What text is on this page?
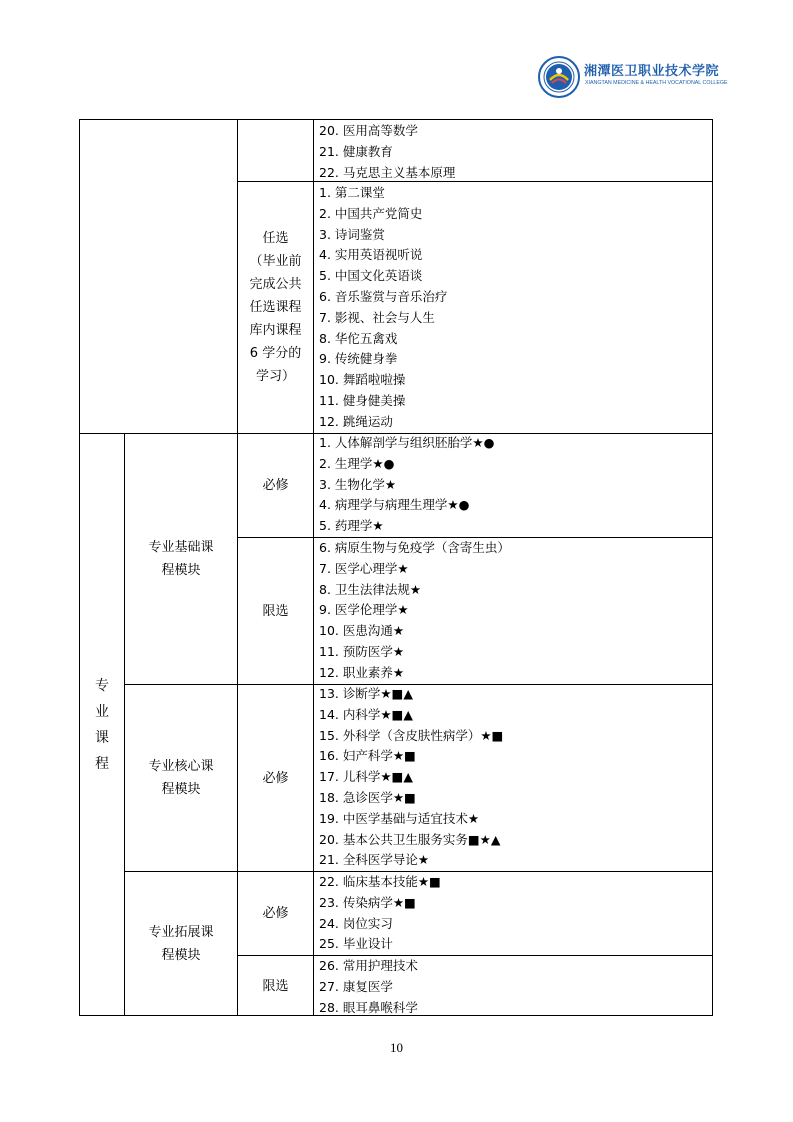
湘潭医卫职业技术学院
XIANGTAN MEDICINE & HEALTH VOCATIONAL COLLEGE
20. 医用高等数学
21. 健康教育
22. 马克思主义基本原理
任选
（毕业前完成公共任选课程库内课程6 学分的学习）
1. 第二课堂
2. 中国共产党简史
3. 诗词鉴赏
4. 实用英语视听说
5. 中国文化英语谈
6. 音乐鉴赏与音乐治疗
7. 影视、社会与人生
8. 华佗五禽戏
9. 传统健身拳
10. 舞蹈啦啦操
11. 健身健美操
12. 跳绳运动
专业课程
专业基础课程模块
必修
1. 人体解剖学与组织胚胎学★●
2. 生理学★●
3. 生物化学★
4. 病理学与病理生理学★●
5. 药理学★
限选
6. 病原生物与免疫学（含寄生虫）
7. 医学心理学★
8. 卫生法律法规★
9. 医学伦理学★
10. 医患沟通★
11. 预防医学★
12. 职业素养★
专业核心课程模块
必修
13. 诊断学★■▲
14. 内科学★■▲
15. 外科学（含皮肤性病学）★■
16. 妇产科学★■
17. 儿科学★■▲
18. 急诊医学★■
19. 中医学基础与适宜技术★
20. 基本公共卫生服务实务■★▲
21. 全科医学导论★
专业拓展课程模块
必修
22. 临床基本技能★■
23. 传染病学★■
24. 岗位实习
25. 毕业设计
限选
26. 常用护理技术
27. 康复医学
28. 眼耳鼻喉科学
10
